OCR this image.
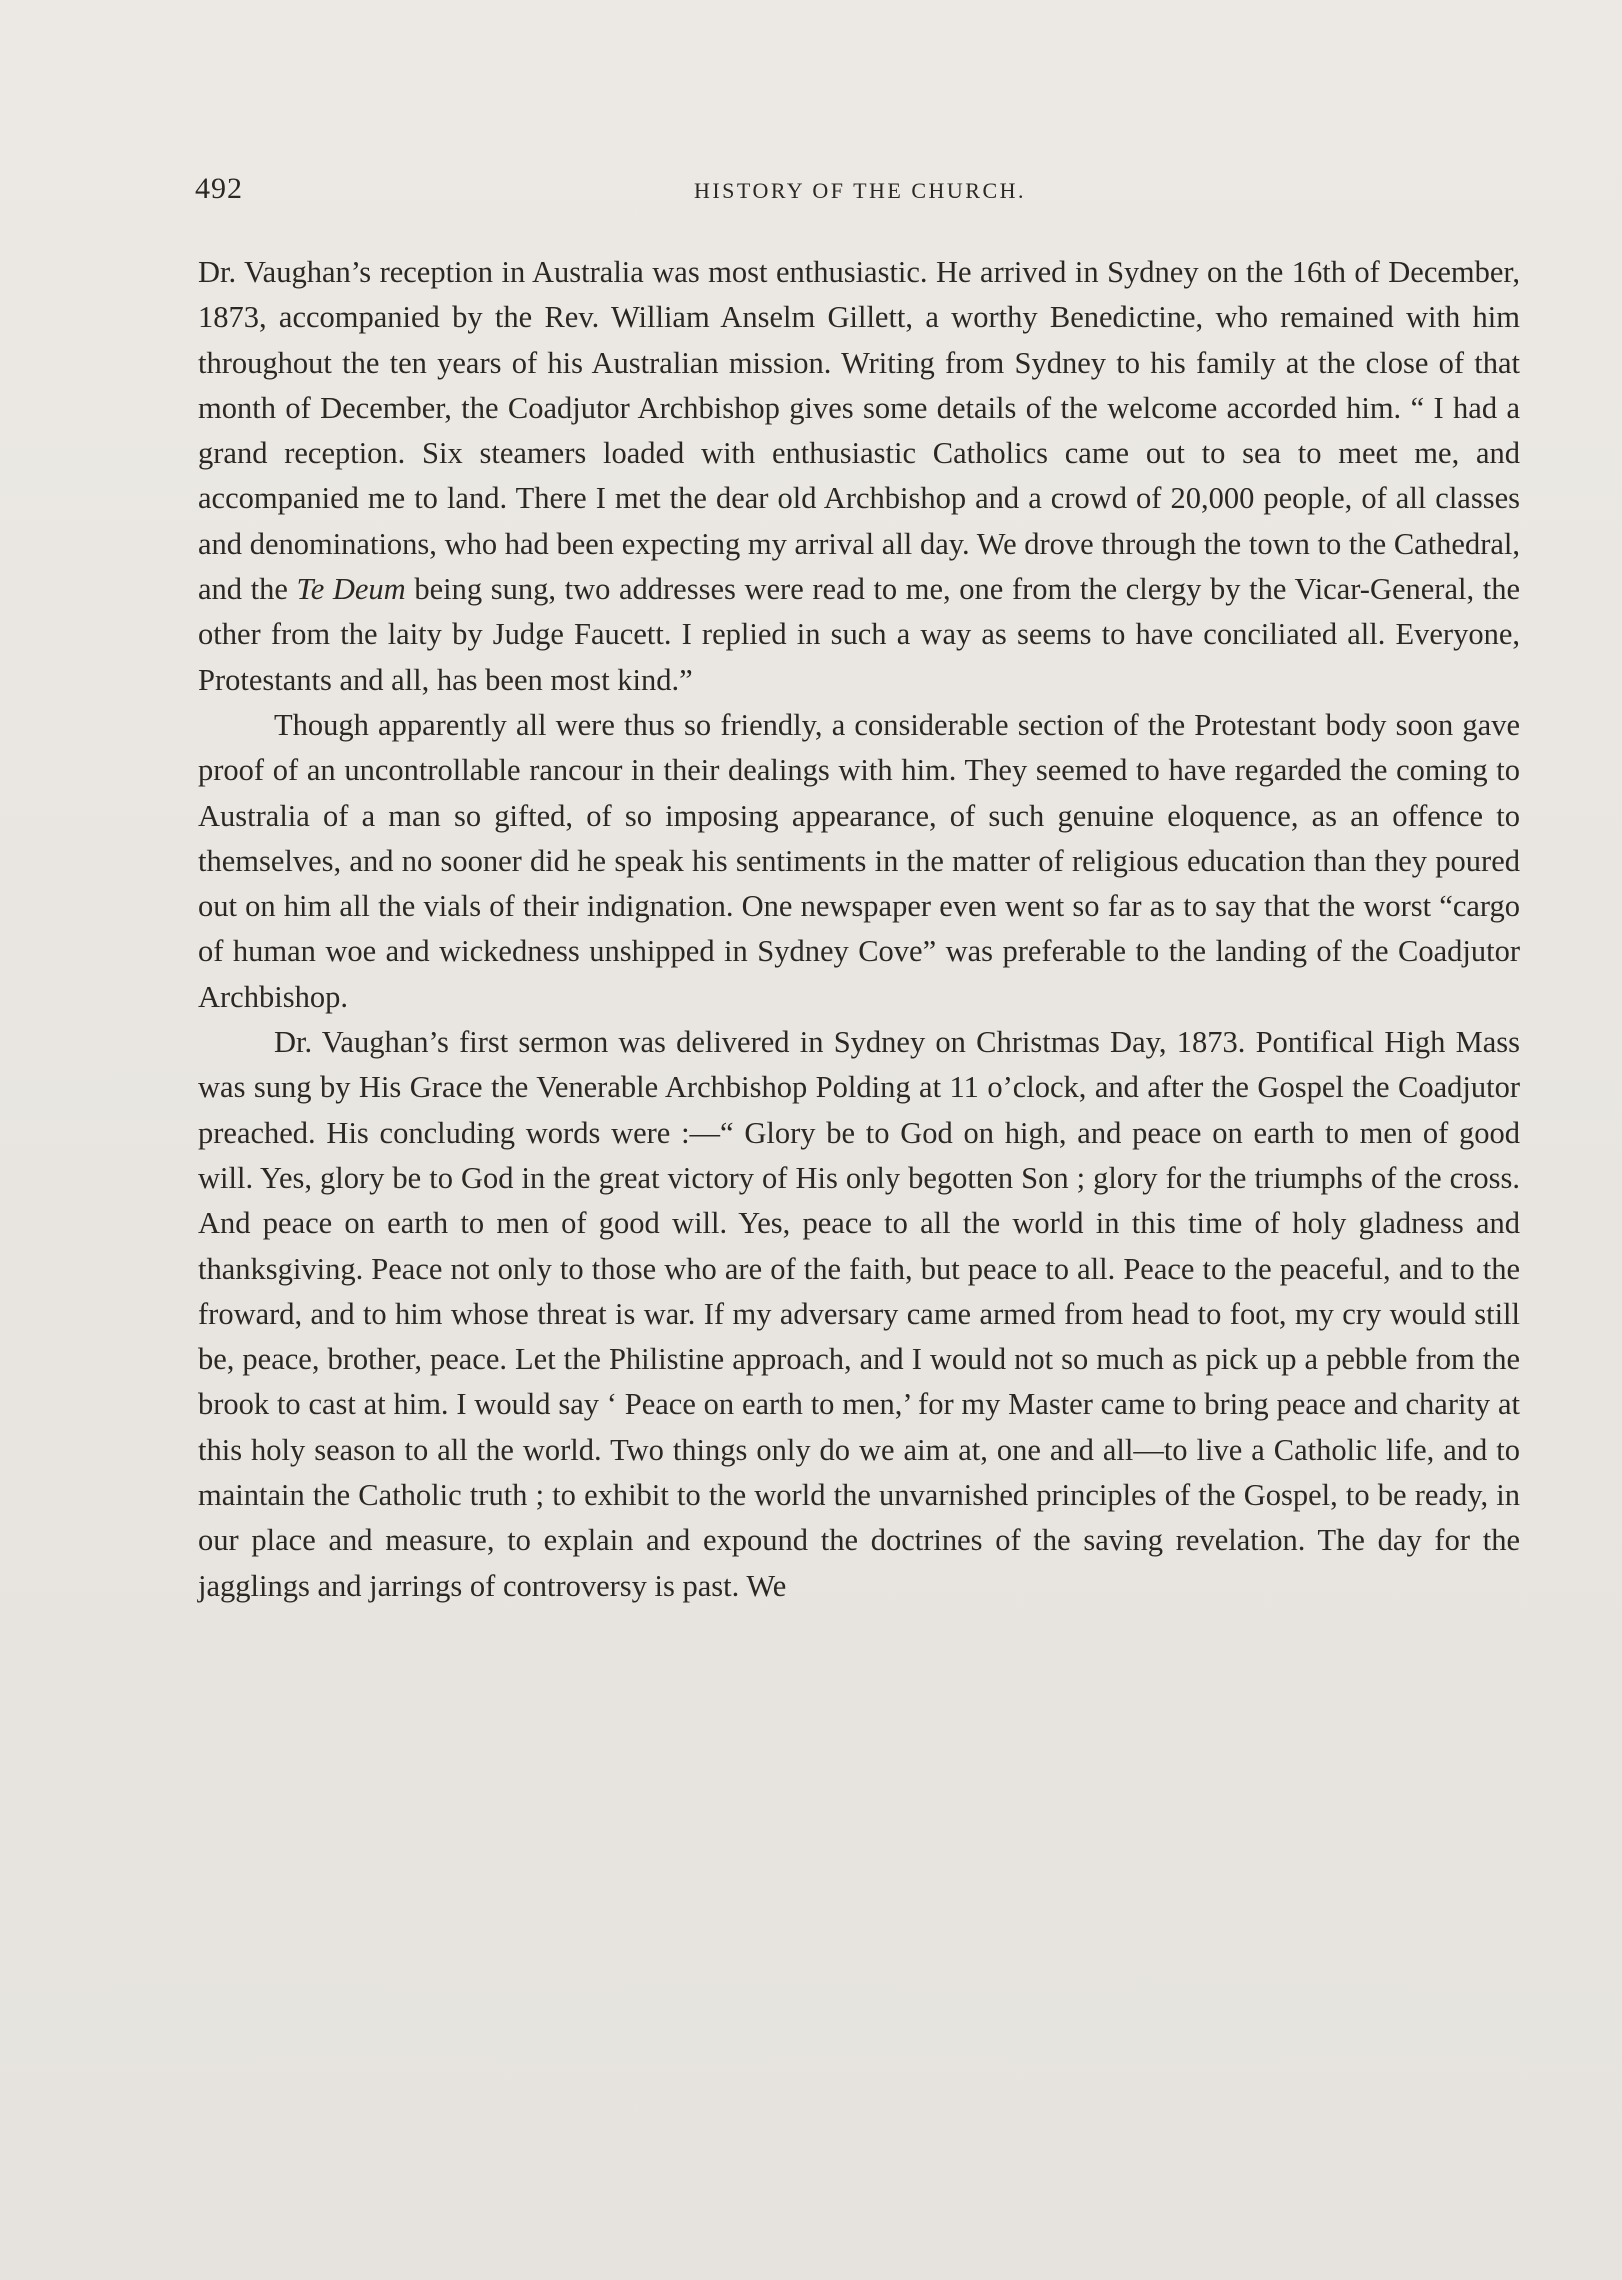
492	HISTORY OF THE CHURCH.

Dr. Vaughan’s reception in Australia was most enthusiastic. He arrived in Sydney on the 16th of December, 1873, accompanied by the Rev. William Anselm Gillett, a worthy Benedictine, who remained with him throughout the ten years of his Australian mission. Writing from Sydney to his family at the close of that month of December, the Coadjutor Archbishop gives some details of the welcome accorded him. “ I had a grand reception. Six steamers loaded with enthusiastic Catholics came out to sea to meet me, and accompanied me to land. There I met the dear old Archbishop and a crowd of 20,000 people, of all classes and denominations, who had been expecting my arrival all day. We drove through the town to the Cathedral, and the Te Deum being sung, two addresses were read to me, one from the clergy by the Vicar-General, the other from the laity by Judge Faucett. I replied in such a way as seems to have conciliated all. Everyone, Protestants and all, has been most kind.”

Though apparently all were thus so friendly, a considerable section of the Protestant body soon gave proof of an uncontrollable rancour in their dealings with him. They seemed to have regarded the coming to Australia of a man so gifted, of so imposing appearance, of such genuine eloquence, as an offence to themselves, and no sooner did he speak his sentiments in the matter of religious education than they poured out on him all the vials of their indignation. One newspaper even went so far as to say that the worst “cargo of human woe and wickedness unshipped in Sydney Cove” was preferable to the landing of the Coadjutor Archbishop.

Dr. Vaughan’s first sermon was delivered in Sydney on Christmas Day, 1873. Pontifical High Mass was sung by His Grace the Venerable Archbishop Polding at 11 o’clock, and after the Gospel the Coadjutor preached. His concluding words were :—“ Glory be to God on high, and peace on earth to men of good will. Yes, glory be to God in the great victory of His only begotten Son ; glory for the triumphs of the cross. And peace on earth to men of good will. Yes, peace to all the world in this time of holy gladness and thanksgiving. Peace not only to those who are of the faith, but peace to all. Peace to the peaceful, and to the froward, and to him whose threat is war. If my adversary came armed from head to foot, my cry would still be, peace, brother, peace. Let the Philistine approach, and I would not so much as pick up a pebble from the brook to cast at him. I would say ‘ Peace on earth to men,’ for my Master came to bring peace and charity at this holy season to all the world. Two things only do we aim at, one and all—to live a Catholic life, and to maintain the Catholic truth ; to exhibit to the world the unvarnished principles of the Gospel, to be ready, in our place and measure, to explain and expound the doctrines of the saving revelation. The day for the jagglings and jarrings of controversy is past. We
